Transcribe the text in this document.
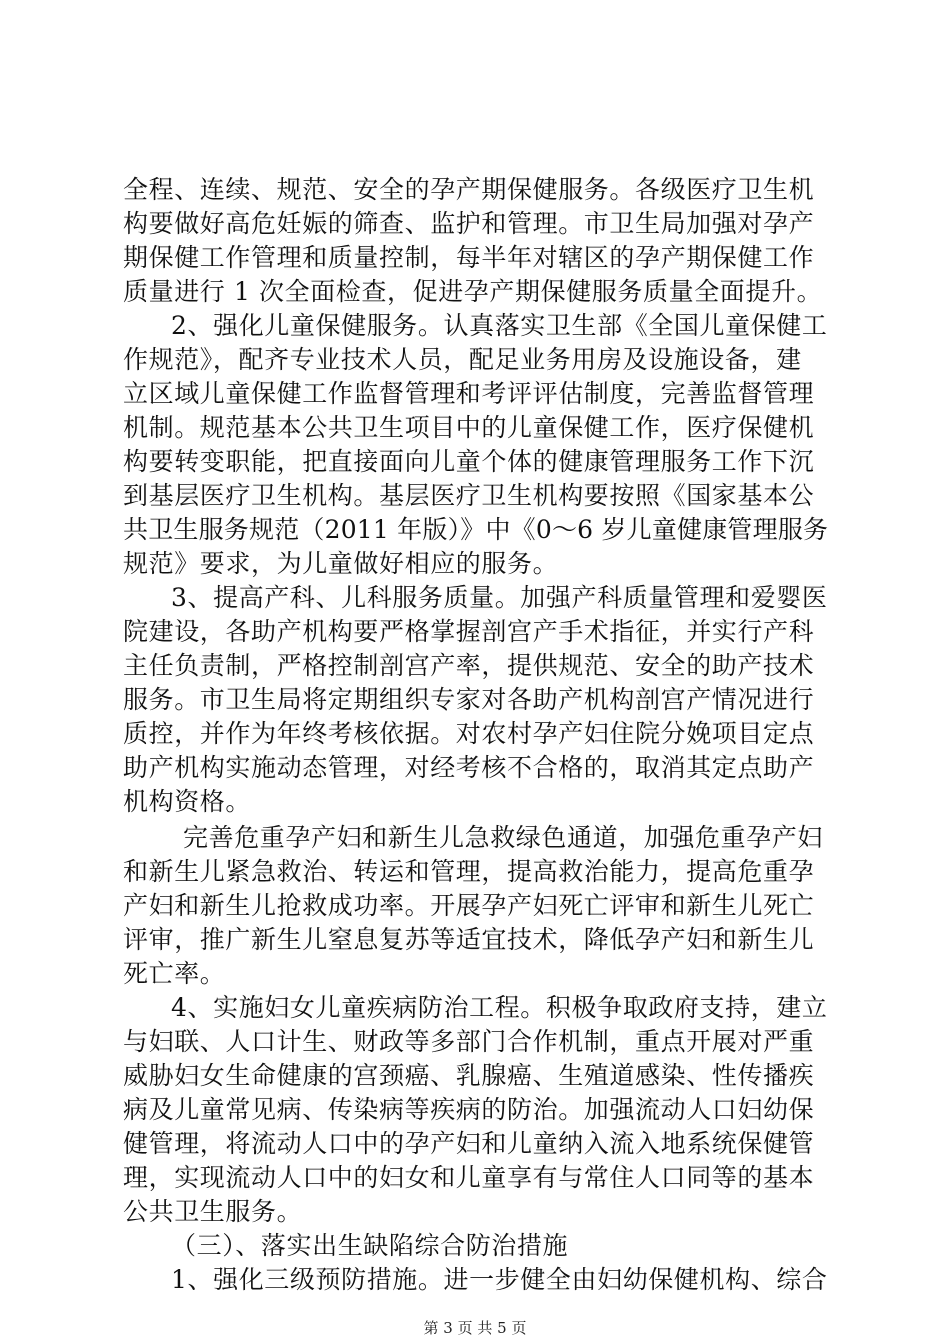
全程、连续、规范、安全的孕产期保健服务。各级医疗卫生机
构要做好高危妊娠的筛查、监护和管理。市卫生局加强对孕产
期保健工作管理和质量控制，每半年对辖区的孕产期保健工作
质量进行 1 次全面检查，促进孕产期保健服务质量全面提升。
2、强化儿童保健服务。认真落实卫生部《全国儿童保健工
作规范》，配齐专业技术人员，配足业务用房及设施设备，建
立区域儿童保健工作监督管理和考评评估制度，完善监督管理
机制。规范基本公共卫生项目中的儿童保健工作，医疗保健机
构要转变职能，把直接面向儿童个体的健康管理服务工作下沉
到基层医疗卫生机构。基层医疗卫生机构要按照《国家基本公
共卫生服务规范（2011 年版）》中《0～6 岁儿童健康管理服务
规范》要求，为儿童做好相应的服务。
3、提高产科、儿科服务质量。加强产科质量管理和爱婴医
院建设，各助产机构要严格掌握剖宫产手术指征，并实行产科
主任负责制，严格控制剖宫产率，提供规范、安全的助产技术
服务。市卫生局将定期组织专家对各助产机构剖宫产情况进行
质控，并作为年终考核依据。对农村孕产妇住院分娩项目定点
助产机构实施动态管理，对经考核不合格的，取消其定点助产
机构资格。
完善危重孕产妇和新生儿急救绿色通道，加强危重孕产妇
和新生儿紧急救治、转运和管理，提高救治能力，提高危重孕
产妇和新生儿抢救成功率。开展孕产妇死亡评审和新生儿死亡
评审，推广新生儿窒息复苏等适宜技术，降低孕产妇和新生儿
死亡率。
4、实施妇女儿童疾病防治工程。积极争取政府支持，建立
与妇联、人口计生、财政等多部门合作机制，重点开展对严重
威胁妇女生命健康的宫颈癌、乳腺癌、生殖道感染、性传播疾
病及儿童常见病、传染病等疾病的防治。加强流动人口妇幼保
健管理，将流动人口中的孕产妇和儿童纳入流入地系统保健管
理，实现流动人口中的妇女和儿童享有与常住人口同等的基本
公共卫生服务。
（三）、落实出生缺陷综合防治措施
1、强化三级预防措施。进一步健全由妇幼保健机构、综合
第 3 页 共 5 页
